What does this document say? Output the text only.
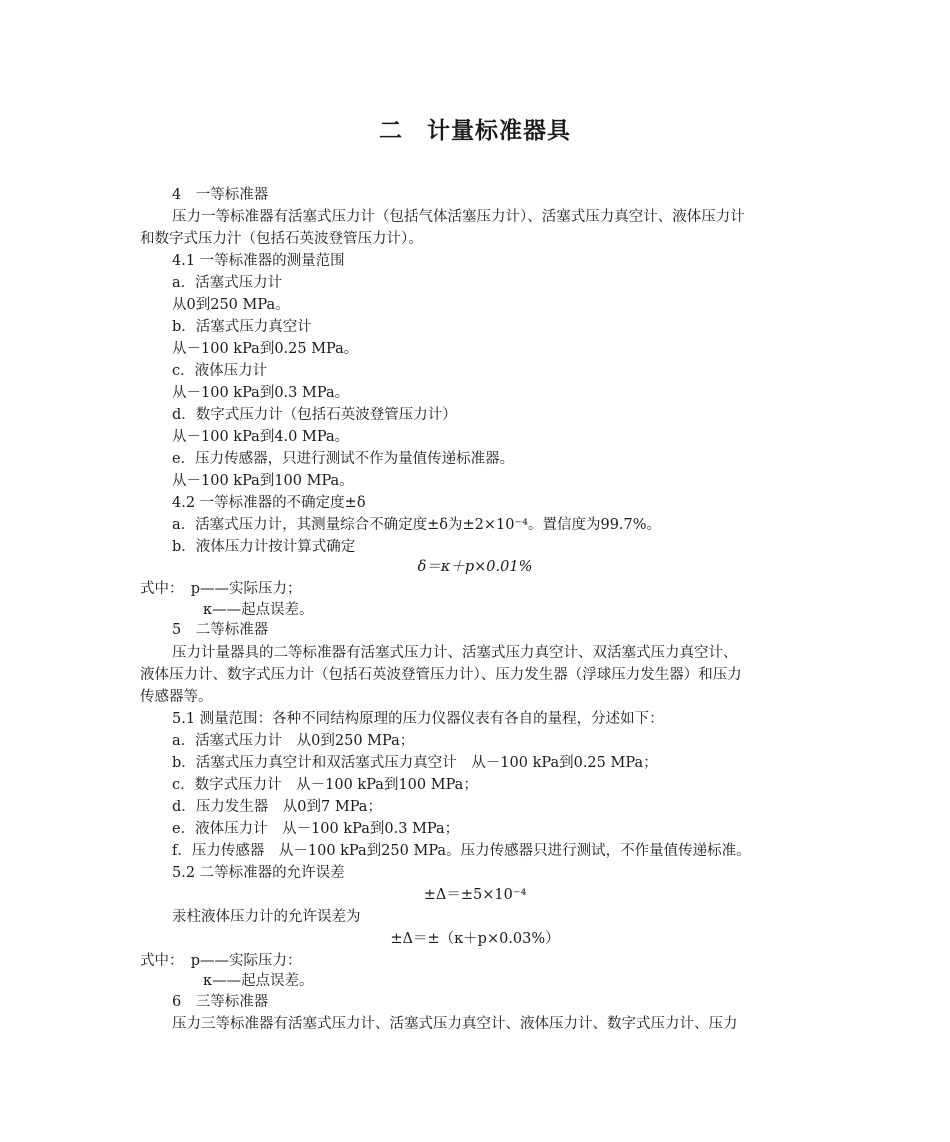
二　计量标准器具
4　一等标准器
压力一等标准器有活塞式压力计（包括气体活塞压力计）、活塞式压力真空计、液体压力计
和数字式压力汁（包括石英波登管压力计）。
4.1 一等标准器的测量范围
a．活塞式压力计
从0到250 MPa。
b．活塞式压力真空计
从－100 kPa到0.25 MPa。
c．液体压力计
从－100 kPa到0.3 MPa。
d．数字式压力计（包括石英波登管压力计）
从－100 kPa到4.0 MPa。
e．压力传感器，只进行测试不作为量值传递标准器。
从－100 kPa到100 MPa。
4.2 一等标准器的不确定度±δ
a．活塞式压力计，其测量综合不确定度±δ为±2×10⁻⁴。置信度为99.7%。
b．液体压力计按计算式确定
δ＝κ＋p×0.01%
式中：　p——实际压力；
κ——起点误差。
5　二等标准器
压力计量器具的二等标准器有活塞式压力计、活塞式压力真空计、双活塞式压力真空计、
液体压力计、数字式压力计（包括石英波登管压力计）、压力发生器（浮球压力发生器）和压力
传感器等。
5.1 测量范围：各种不同结构原理的压力仪器仪表有各自的量程，分述如下：
a．活塞式压力计　从0到250 MPa；
b．活塞式压力真空计和双活塞式压力真空计　从－100 kPa到0.25 MPa；
c．数字式压力计　从－100 kPa到100 MPa；
d．压力发生器　从0到7 MPa；
e．液体压力计　从－100 kPa到0.3 MPa；
f．压力传感器　从－100 kPa到250 MPa。压力传感器只进行测试，不作量值传递标准。
5.2 二等标准器的允许误差
±Δ＝±5×10⁻⁴
汞柱液体压力计的允许误差为
±Δ＝±（κ＋p×0.03%）
式中：　p——实际压力：
κ——起点误差。
6　三等标准器
压力三等标准器有活塞式压力计、活塞式压力真空计、液体压力计、数字式压力计、压力
